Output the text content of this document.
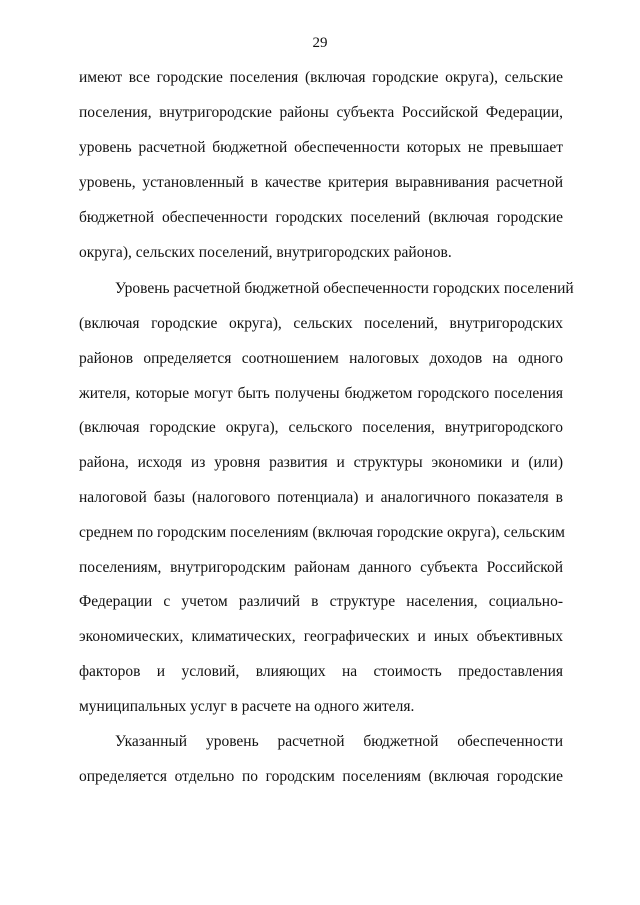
29
имеют все городские поселения (включая городские округа), сельские
поселения, внутригородские районы субъекта Российской Федерации,
уровень расчетной бюджетной обеспеченности которых не превышает
уровень, установленный в качестве критерия выравнивания расчетной
бюджетной обеспеченности городских поселений (включая городские
округа), сельских поселений, внутригородских районов.
Уровень расчетной бюджетной обеспеченности городских поселений
(включая городские округа), сельских поселений, внутригородских
районов определяется соотношением налоговых доходов на одного
жителя, которые могут быть получены бюджетом городского поселения
(включая городские округа), сельского поселения, внутригородского
района, исходя из уровня развития и структуры экономики и (или)
налоговой базы (налогового потенциала) и аналогичного показателя в
среднем по городским поселениям (включая городские округа), сельским
поселениям, внутригородским районам данного субъекта Российской
Федерации с учетом различий в структуре населения, социально-
экономических, климатических, географических и иных объективных
факторов и условий, влияющих на стоимость предоставления
муниципальных услуг в расчете на одного жителя.
Указанный уровень расчетной бюджетной обеспеченности
определяется отдельно по городским поселениям (включая городские
